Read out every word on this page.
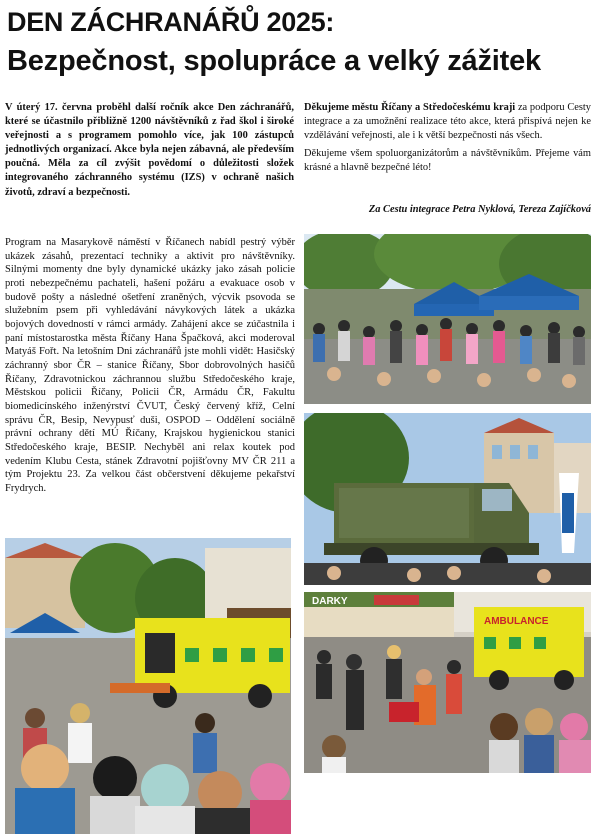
DEN ZÁCHRANÁŘŮ 2025:
Bezpečnost, spolupráce a velký zážitek

V úterý 17. června proběhl další ročník akce Den záchranářů, které se účastnilo přibližně 1200 návštěvníků z řad škol i široké veřejnosti a s programem pomohlo více, jak 100 zástupců jednotlivých organizací. Akce byla nejen zábavná, ale především poučná. Měla za cíl zvýšit povědomí o důležitosti složek integrovaného záchranného systému (IZS) v ochraně našich životů, zdraví a bezpečnosti.

Děkujeme městu Říčany a Středočeskému kraji za podporu Cesty integrace a za umožnění realizace této akce, která přispívá nejen ke vzdělávání veřejnosti, ale i k větší bezpečnosti nás všech.

Děkujeme všem spoluorganizátorům a návštěvníkům. Přejeme vám krásné a hlavně bezpečné léto!

Za Cestu integrace Petra Nyklová, Tereza Zajíčková

Program na Masarykově náměstí v Říčanech nabídl pestrý výběr ukázek zásahů, prezentací techniky a aktivit pro návštěvníky. Silnými momenty dne byly dynamické ukázky jako zásah policie proti nebezpečnému pachateli, hašení požáru a evakuace osob v budově pošty a následné ošetření zraněných, výcvik psovoda se služebním psem při vyhledávání návykových látek a ukázka bojových dovedností v rámci armády. Zahájení akce se zúčastnila i paní místostarostka města Říčany Hana Špačková, akci moderoval Matyáš Fořt. Na letošním Dni záchranářů jste mohli vidět: Hasičský záchranný sbor ČR – stanice Říčany, Sbor dobrovolných hasičů Říčany, Zdravotnickou záchrannou službu Středočeského kraje, Městskou policii Říčany, Policii ČR, Armádu ČR, Fakultu biomedicínského inženýrství ČVUT, Český červený kříž, Celní správu ČR, Besip, Nevypusť duši, OSPOD – Oddělení sociálně právní ochrany dětí MÚ Říčany, Krajskou hygienickou stanici Středočeského kraje, BESIP. Nechyběl ani relax koutek pod vedením Klubu Cesta, stánek Zdravotní pojišťovny MV ČR 211 a tým Projektu 23. Za velkou část občerstvení děkujeme pekařství Frydrych.

DARKY
AMBULANCE
